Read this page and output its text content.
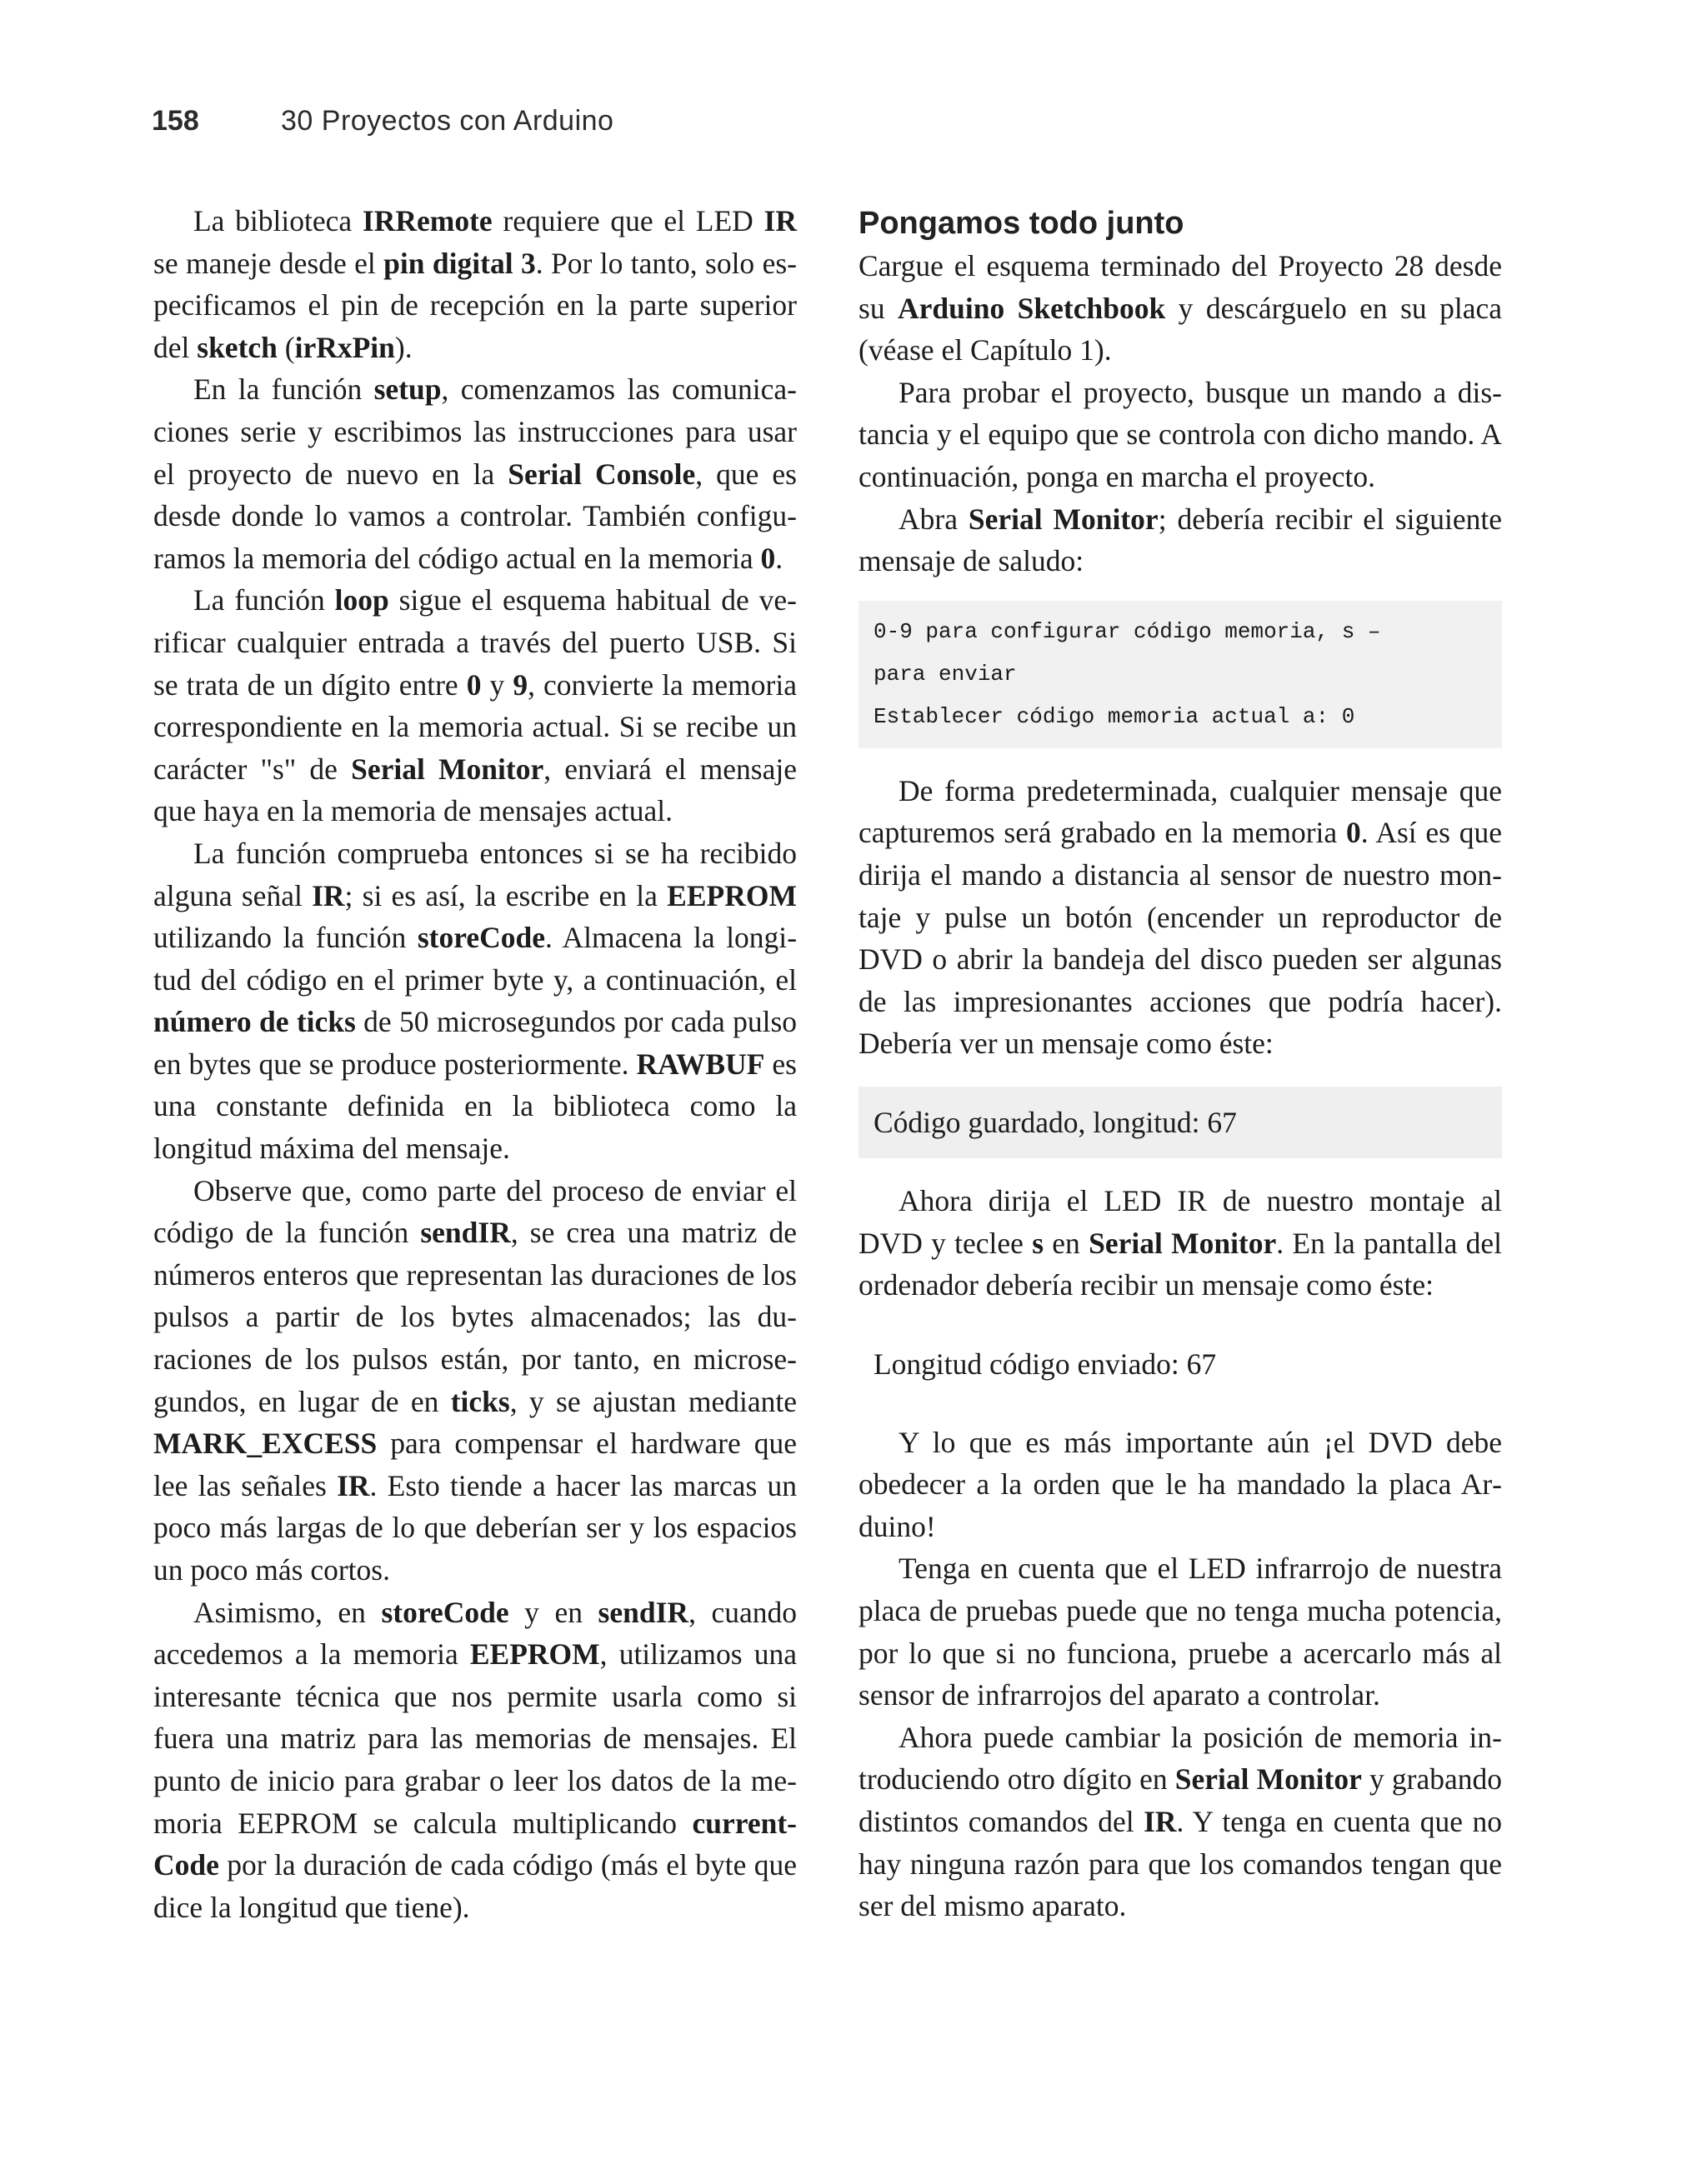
158	30 Proyectos con Arduino

La biblioteca IRRemote requiere que el LED IR se maneje desde el pin digital 3. Por lo tanto, solo especificamos el pin de recepción en la parte superior del sketch (irRxPin).

En la función setup, comenzamos las comunicaciones serie y escribimos las instrucciones para usar el proyecto de nuevo en la Serial Console, que es desde donde lo vamos a controlar. También configuramos la memoria del código actual en la memoria 0.

La función loop sigue el esquema habitual de verificar cualquier entrada a través del puerto USB. Si se trata de un dígito entre 0 y 9, convierte la memoria correspondiente en la memoria actual. Si se recibe un carácter "s" de Serial Monitor, enviará el mensaje que haya en la memoria de mensajes actual.

La función comprueba entonces si se ha recibido alguna señal IR; si es así, la escribe en la EEPROM utilizando la función storeCode. Almacena la longitud del código en el primer byte y, a continuación, el número de ticks de 50 microsegundos por cada pulso en bytes que se produce posteriormente. RAWBUF es una constante definida en la biblioteca como la longitud máxima del mensaje.

Observe que, como parte del proceso de enviar el código de la función sendIR, se crea una matriz de números enteros que representan las duraciones de los pulsos a partir de los bytes almacenados; las duraciones de los pulsos están, por tanto, en microsegundos, en lugar de en ticks, y se ajustan mediante MARK_EXCESS para compensar el hardware que lee las señales IR. Esto tiende a hacer las marcas un poco más largas de lo que deberían ser y los espacios un poco más cortos.

Asimismo, en storeCode y en sendIR, cuando accedemos a la memoria EEPROM, utilizamos una interesante técnica que nos permite usarla como si fuera una matriz para las memorias de mensajes. El punto de inicio para grabar o leer los datos de la memoria EEPROM se calcula multiplicando currentCode por la duración de cada código (más el byte que dice la longitud que tiene).

Pongamos todo junto

Cargue el esquema terminado del Proyecto 28 desde su Arduino Sketchbook y descárguelo en su placa (véase el Capítulo 1).

Para probar el proyecto, busque un mando a distancia y el equipo que se controla con dicho mando. A continuación, ponga en marcha el proyecto.

Abra Serial Monitor; debería recibir el siguiente mensaje de saludo:

0-9 para configurar código memoria, s –
para enviar
Establecer código memoria actual a: 0

De forma predeterminada, cualquier mensaje que capturemos será grabado en la memoria 0. Así es que dirija el mando a distancia al sensor de nuestro montaje y pulse un botón (encender un reproductor de DVD o abrir la bandeja del disco pueden ser algunas de las impresionantes acciones que podría hacer). Debería ver un mensaje como éste:

Código guardado, longitud: 67

Ahora dirija el LED IR de nuestro montaje al DVD y teclee s en Serial Monitor. En la pantalla del ordenador debería recibir un mensaje como éste:

Longitud código enviado: 67

Y lo que es más importante aún ¡el DVD debe obedecer a la orden que le ha mandado la placa Arduino!

Tenga en cuenta que el LED infrarrojo de nuestra placa de pruebas puede que no tenga mucha potencia, por lo que si no funciona, pruebe a acercarlo más al sensor de infrarrojos del aparato a controlar.

Ahora puede cambiar la posición de memoria introduciendo otro dígito en Serial Monitor y grabando distintos comandos del IR. Y tenga en cuenta que no hay ninguna razón para que los comandos tengan que ser del mismo aparato.
